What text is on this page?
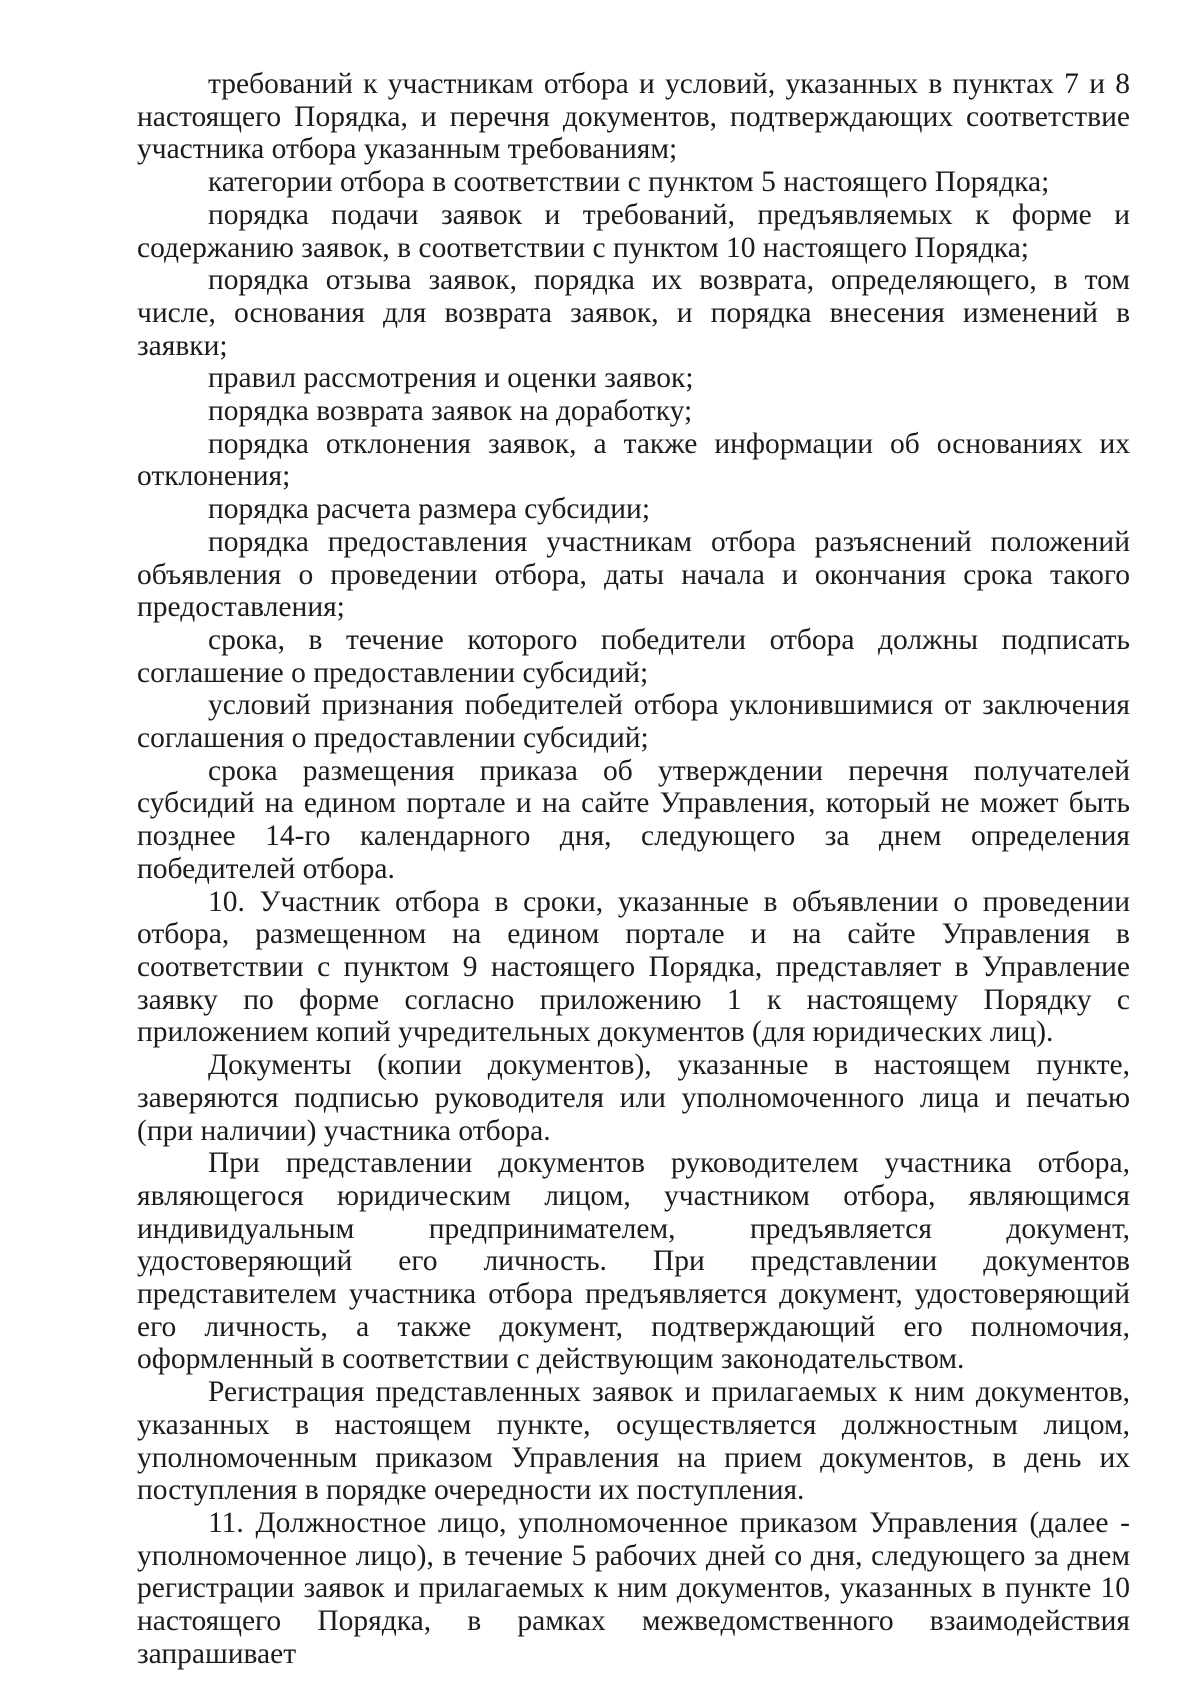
требований к участникам отбора и условий, указанных в пунктах 7 и 8 настоящего Порядка, и перечня документов, подтверждающих соответствие участника отбора указанным требованиям;

категории отбора в соответствии с пунктом 5 настоящего Порядка;

порядка подачи заявок и требований, предъявляемых к форме и содержанию заявок, в соответствии с пунктом 10 настоящего Порядка;

порядка отзыва заявок, порядка их возврата, определяющего, в том числе, основания для возврата заявок, и порядка внесения изменений в заявки;

правил рассмотрения и оценки заявок;

порядка возврата заявок на доработку;

порядка отклонения заявок, а также информации об основаниях их отклонения;

порядка расчета размера субсидии;

порядка предоставления участникам отбора разъяснений положений объявления о проведении отбора, даты начала и окончания срока такого предоставления;

срока, в течение которого победители отбора должны подписать соглашение о предоставлении субсидий;

условий признания победителей отбора уклонившимися от заключения соглашения о предоставлении субсидий;

срока размещения приказа об утверждении перечня получателей субсидий на едином портале и на сайте Управления, который не может быть позднее 14-го календарного дня, следующего за днем определения победителей отбора.

10. Участник отбора в сроки, указанные в объявлении о проведении отбора, размещенном на едином портале и на сайте Управления в соответствии с пунктом 9 настоящего Порядка, представляет в Управление заявку по форме согласно приложению 1 к настоящему Порядку с приложением копий учредительных документов (для юридических лиц).

Документы (копии документов), указанные в настоящем пункте, заверяются подписью руководителя или уполномоченного лица и печатью (при наличии) участника отбора.

При представлении документов руководителем участника отбора, являющегося юридическим лицом, участником отбора, являющимся индивидуальным предпринимателем, предъявляется документ, удостоверяющий его личность. При представлении документов представителем участника отбора предъявляется документ, удостоверяющий его личность, а также документ, подтверждающий его полномочия, оформленный в соответствии с действующим законодательством.

Регистрация представленных заявок и прилагаемых к ним документов, указанных в настоящем пункте, осуществляется должностным лицом, уполномоченным приказом Управления на прием документов, в день их поступления в порядке очередности их поступления.

11. Должностное лицо, уполномоченное приказом Управления (далее - уполномоченное лицо), в течение 5 рабочих дней со дня, следующего за днем регистрации заявок и прилагаемых к ним документов, указанных в пункте 10 настоящего Порядка, в рамках межведомственного взаимодействия запрашивает
